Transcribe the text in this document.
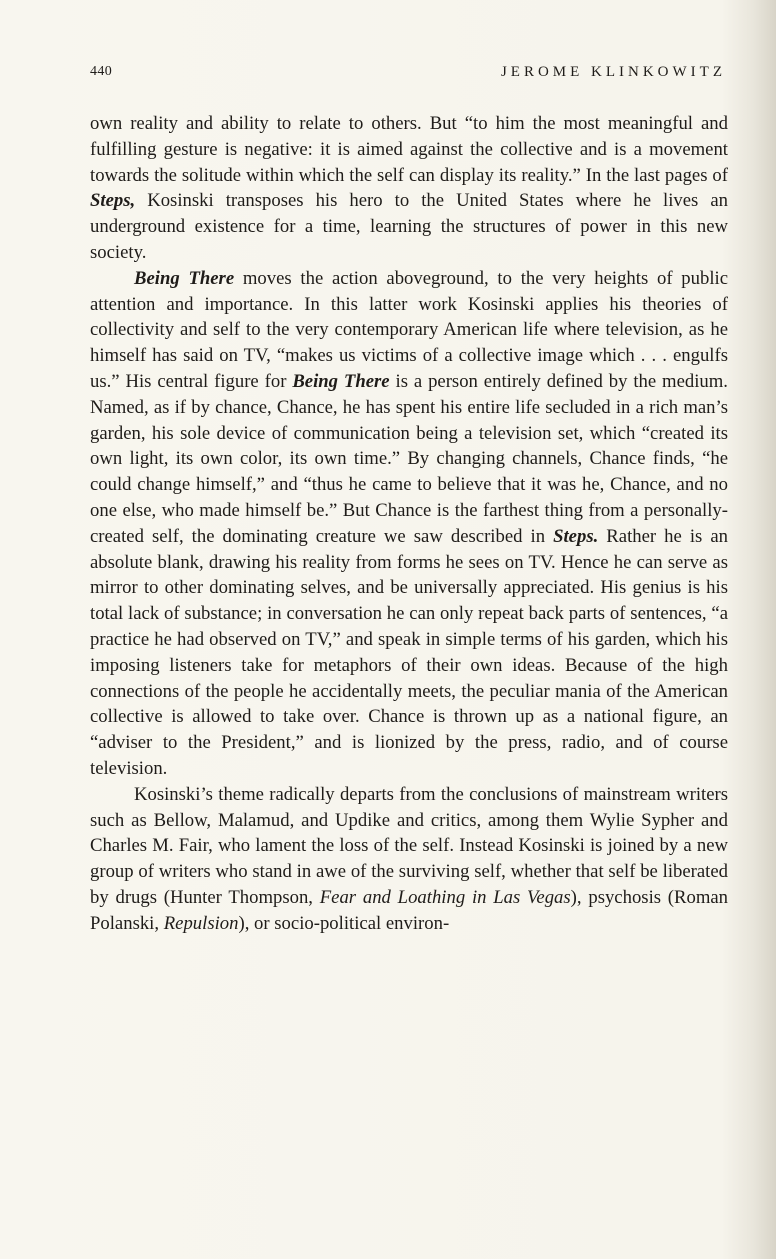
440	JEROME KLINKOWITZ

own reality and ability to relate to others. But “to him the most meaningful and fulfilling gesture is negative: it is aimed against the collective and is a movement towards the solitude within which the self can display its reality.” In the last pages of Steps, Kosinski transposes his hero to the United States where he lives an underground existence for a time, learning the structures of power in this new society.

Being There moves the action aboveground, to the very heights of public attention and importance. In this latter work Kosinski applies his theories of collectivity and self to the very contemporary American life where television, as he himself has said on TV, “makes us victims of a collective image which . . . engulfs us.” His central figure for Being There is a person entirely defined by the medium. Named, as if by chance, Chance, he has spent his entire life secluded in a rich man’s garden, his sole device of communication being a television set, which “created its own light, its own color, its own time.” By changing channels, Chance finds, “he could change himself,” and “thus he came to believe that it was he, Chance, and no one else, who made himself be.” But Chance is the farthest thing from a personally-created self, the dominating creature we saw described in Steps. Rather he is an absolute blank, drawing his reality from forms he sees on TV. Hence he can serve as mirror to other dominating selves, and be universally appreciated. His genius is his total lack of substance; in conversation he can only repeat back parts of sentences, “a practice he had observed on TV,” and speak in simple terms of his garden, which his imposing listeners take for metaphors of their own ideas. Because of the high connections of the people he accidentally meets, the peculiar mania of the American collective is allowed to take over. Chance is thrown up as a national figure, an “adviser to the President,” and is lionized by the press, radio, and of course television.

Kosinski’s theme radically departs from the conclusions of mainstream writers such as Bellow, Malamud, and Updike and critics, among them Wylie Sypher and Charles M. Fair, who lament the loss of the self. Instead Kosinski is joined by a new group of writers who stand in awe of the surviving self, whether that self be liberated by drugs (Hunter Thompson, Fear and Loathing in Las Vegas), psychosis (Roman Polanski, Repulsion), or socio-political environ-
